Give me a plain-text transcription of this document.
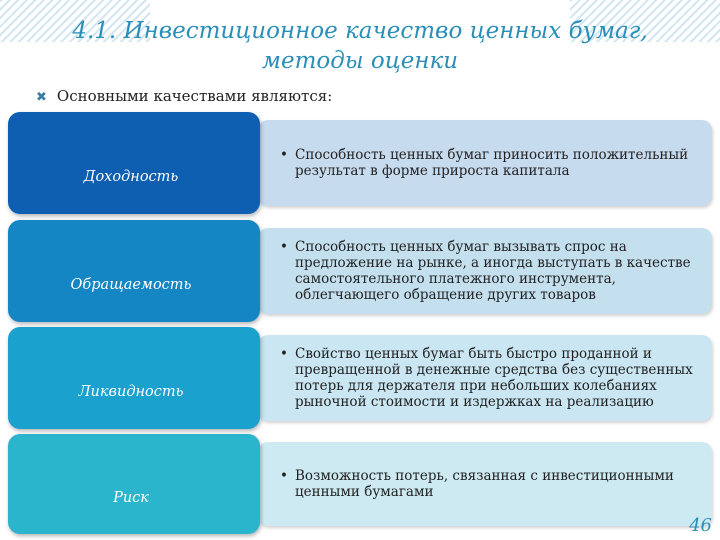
4.1. Инвестиционное качество ценных бумаг,
методы оценки
✖ Основными качествами являются:
• Способность ценных бумаг приносить положительный результат в форме прироста капитала
Доходность
• Способность ценных бумаг вызывать спрос на предложение на рынке, а иногда выступать в качестве самостоятельного платежного инструмента, облегчающего обращение других товаров
Обращаемость
• Свойство ценных бумаг быть быстро проданной и превращенной в денежные средства без существенных потерь для держателя при небольших колебаниях рыночной стоимости и издержках на реализацию
Ликвидность
• Возможность потерь, связанная с инвестиционными ценными бумагами
Риск
46
